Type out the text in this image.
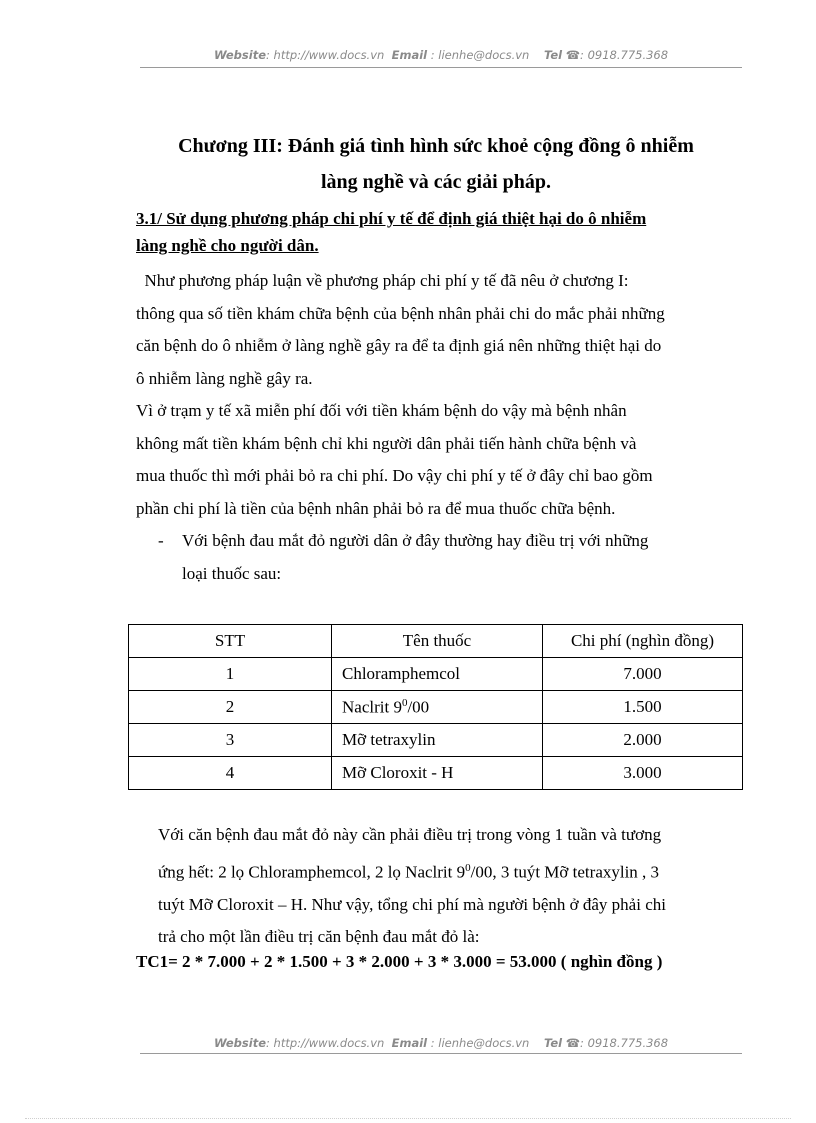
Website: http://www.docs.vn Email : lienhe@docs.vn Tel ☎: 0918.775.368
Chương III: Đánh giá tình hình sức khoẻ cộng đồng ô nhiễm
làng nghề và các giải pháp.
3.1/ Sử dụng phương pháp chi phí y tế để định giá thiệt hại do ô nhiễm
làng nghề cho người dân.
Như phương pháp luận về phương pháp chi phí y tế đã nêu ở chương I:
thông qua số tiền khám chữa bệnh của bệnh nhân phải chi do mắc phải những
căn bệnh do ô nhiễm ở làng nghề gây ra để ta định giá nên những thiệt hại do
ô nhiễm làng nghề gây ra.
Vì ở trạm y tế xã miễn phí đối với tiền khám bệnh do vậy mà bệnh nhân
không mất tiền khám bệnh chỉ khi người dân phải tiến hành chữa bệnh và
mua thuốc thì mới phải bỏ ra chi phí. Do vậy chi phí y tế ở đây chỉ bao gồm
phần chi phí là tiền của bệnh nhân phải bỏ ra để mua thuốc chữa bệnh.
- Với bệnh đau mắt đỏ người dân ở đây thường hay điều trị với những
loại thuốc sau:
STT	Tên thuốc	Chi phí (nghìn đồng)
1	Chloramphemcol	7.000
2	Naclrit $9^0/00$	1.500
3	Mỡ tetraxylin	2.000
4	Mỡ Cloroxit - H	3.000
Với căn bệnh đau mắt đỏ này cần phải điều trị trong vòng 1 tuần và tương
ứng hết: 2 lọ Chloramphemcol, 2 lọ Naclrit $9^0/00$, 3 tuýt Mỡ tetraxylin , 3
tuýt Mỡ Cloroxit – H. Như vậy, tổng chi phí mà người bệnh ở đây phải chi
trả cho một lần điều trị căn bệnh đau mắt đỏ là:
TC1= 2 * 7.000 + 2 * 1.500 + 3 * 2.000 + 3 * 3.000 = 53.000 ( nghìn đồng )
Website: http://www.docs.vn Email : lienhe@docs.vn Tel ☎: 0918.775.368
